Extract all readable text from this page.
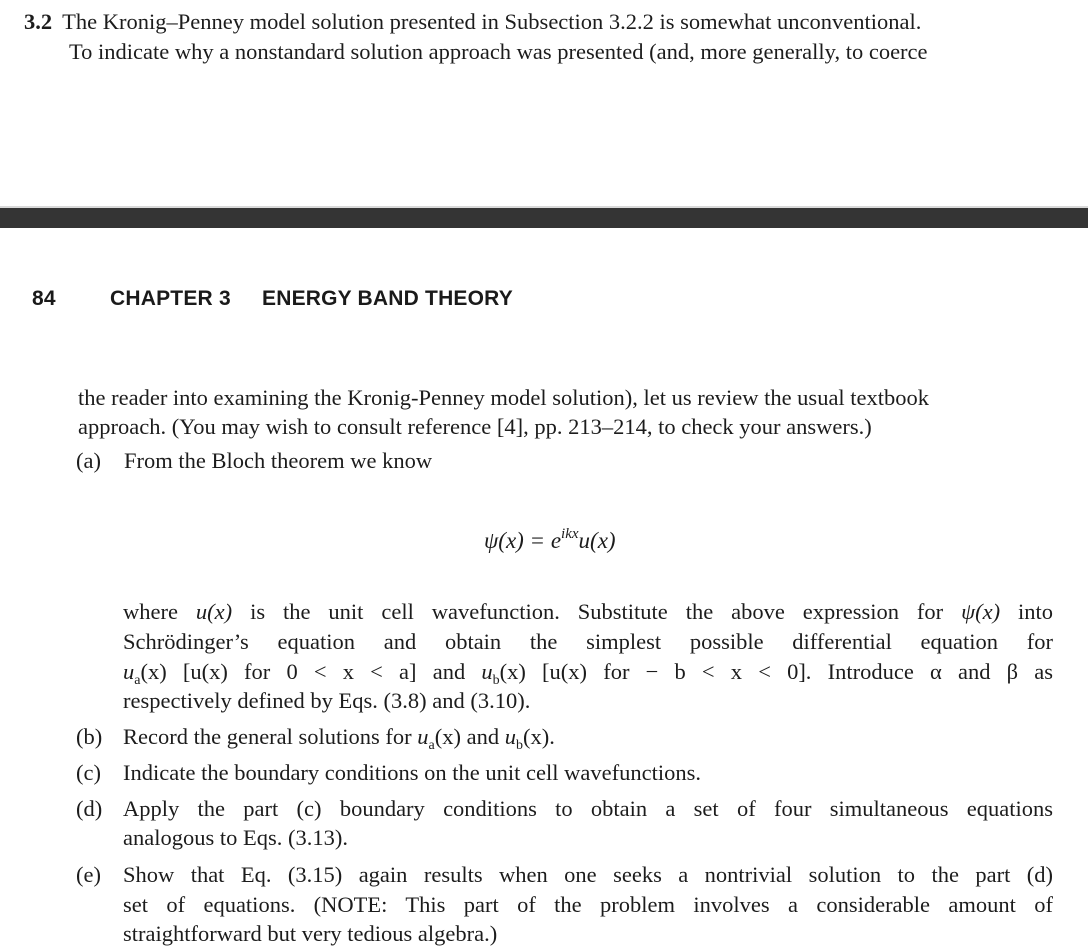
3.2 The Kronig–Penney model solution presented in Subsection 3.2.2 is somewhat unconventional.
To indicate why a nonstandard solution approach was presented (and, more generally, to coerce
84	CHAPTER 3 ENERGY BAND THEORY
the reader into examining the Kronig-Penney model solution), let us review the usual textbook
approach. (You may wish to consult reference [4], pp. 213–214, to check your answers.)
(a) From the Bloch theorem we know
$\psi(x) = e^{ikx}u(x)$
where u(x) is the unit cell wavefunction. Substitute the above expression for ψ(x) into
Schrödinger’s equation and obtain the simplest possible differential equation for
$u_a(x)$ [u(x) for 0 < x < a] and $u_b(x)$ [u(x) for − b < x < 0]. Introduce α and β as
respectively defined by Eqs. (3.8) and (3.10).
(b) Record the general solutions for $u_a(x)$ and $u_b(x)$.
(c) Indicate the boundary conditions on the unit cell wavefunctions.
(d) Apply the part (c) boundary conditions to obtain a set of four simultaneous equations
analogous to Eqs. (3.13).
(e) Show that Eq. (3.15) again results when one seeks a nontrivial solution to the part (d)
set of equations. (NOTE: This part of the problem involves a considerable amount of
straightforward but very tedious algebra.)
